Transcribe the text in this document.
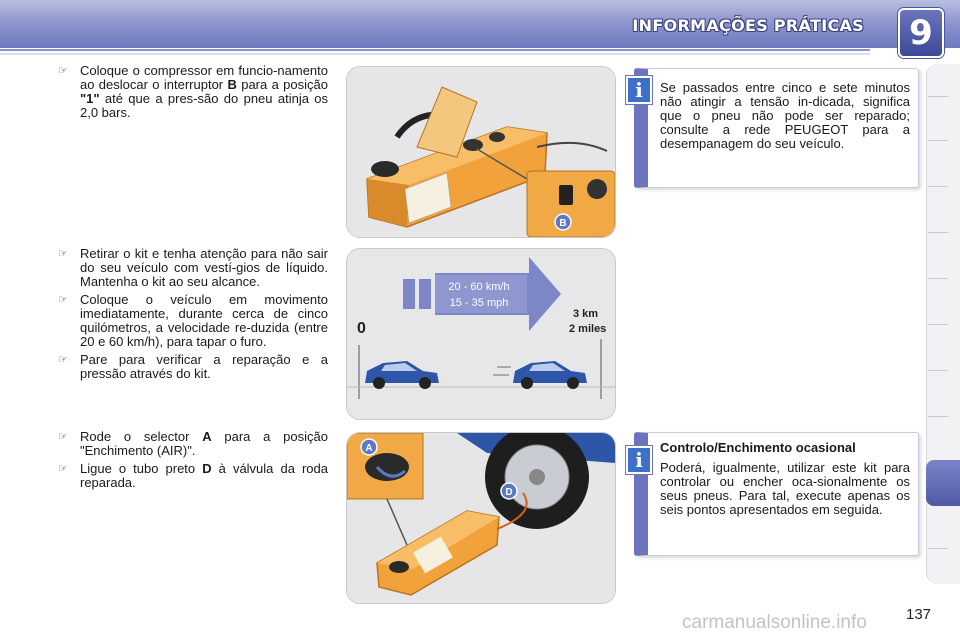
INFORMAÇÕES PRÁTICAS	9
☞ Coloque o compressor em funcio-namento ao deslocar o interruptor B para a posição "1" até que a pres-são do pneu atinja os 2,0 bars.
☞ Retirar o kit e tenha atenção para não sair do seu veículo com vestí-gios de líquido. Mantenha o kit ao seu alcance.
☞ Coloque o veículo em movimento imediatamente, durante cerca de cinco quilómetros, a velocidade re-duzida (entre 20 e 60 km/h), para tapar o furo.
☞ Pare para verificar a reparação e a pressão através do kit.
☞ Rode o selector A para a posição "Enchimento (AIR)".
☞ Ligue o tubo preto D à válvula da roda reparada.
B
20 - 60 km/h
15 - 35 mph
0
3 km
2 miles
A
D
Se passados entre cinco e sete minutos não atingir a tensão in-dicada, significa que o pneu não pode ser reparado; consulte a rede PEUGEOT para a desempanagem do seu veículo.
i
Controlo/Enchimento ocasional
Poderá, igualmente, utilizar este kit para controlar ou encher oca-sionalmente os seus pneus. Para tal, execute apenas os seis pontos apresentados em seguida.
i
carmanualsonline.info	137
